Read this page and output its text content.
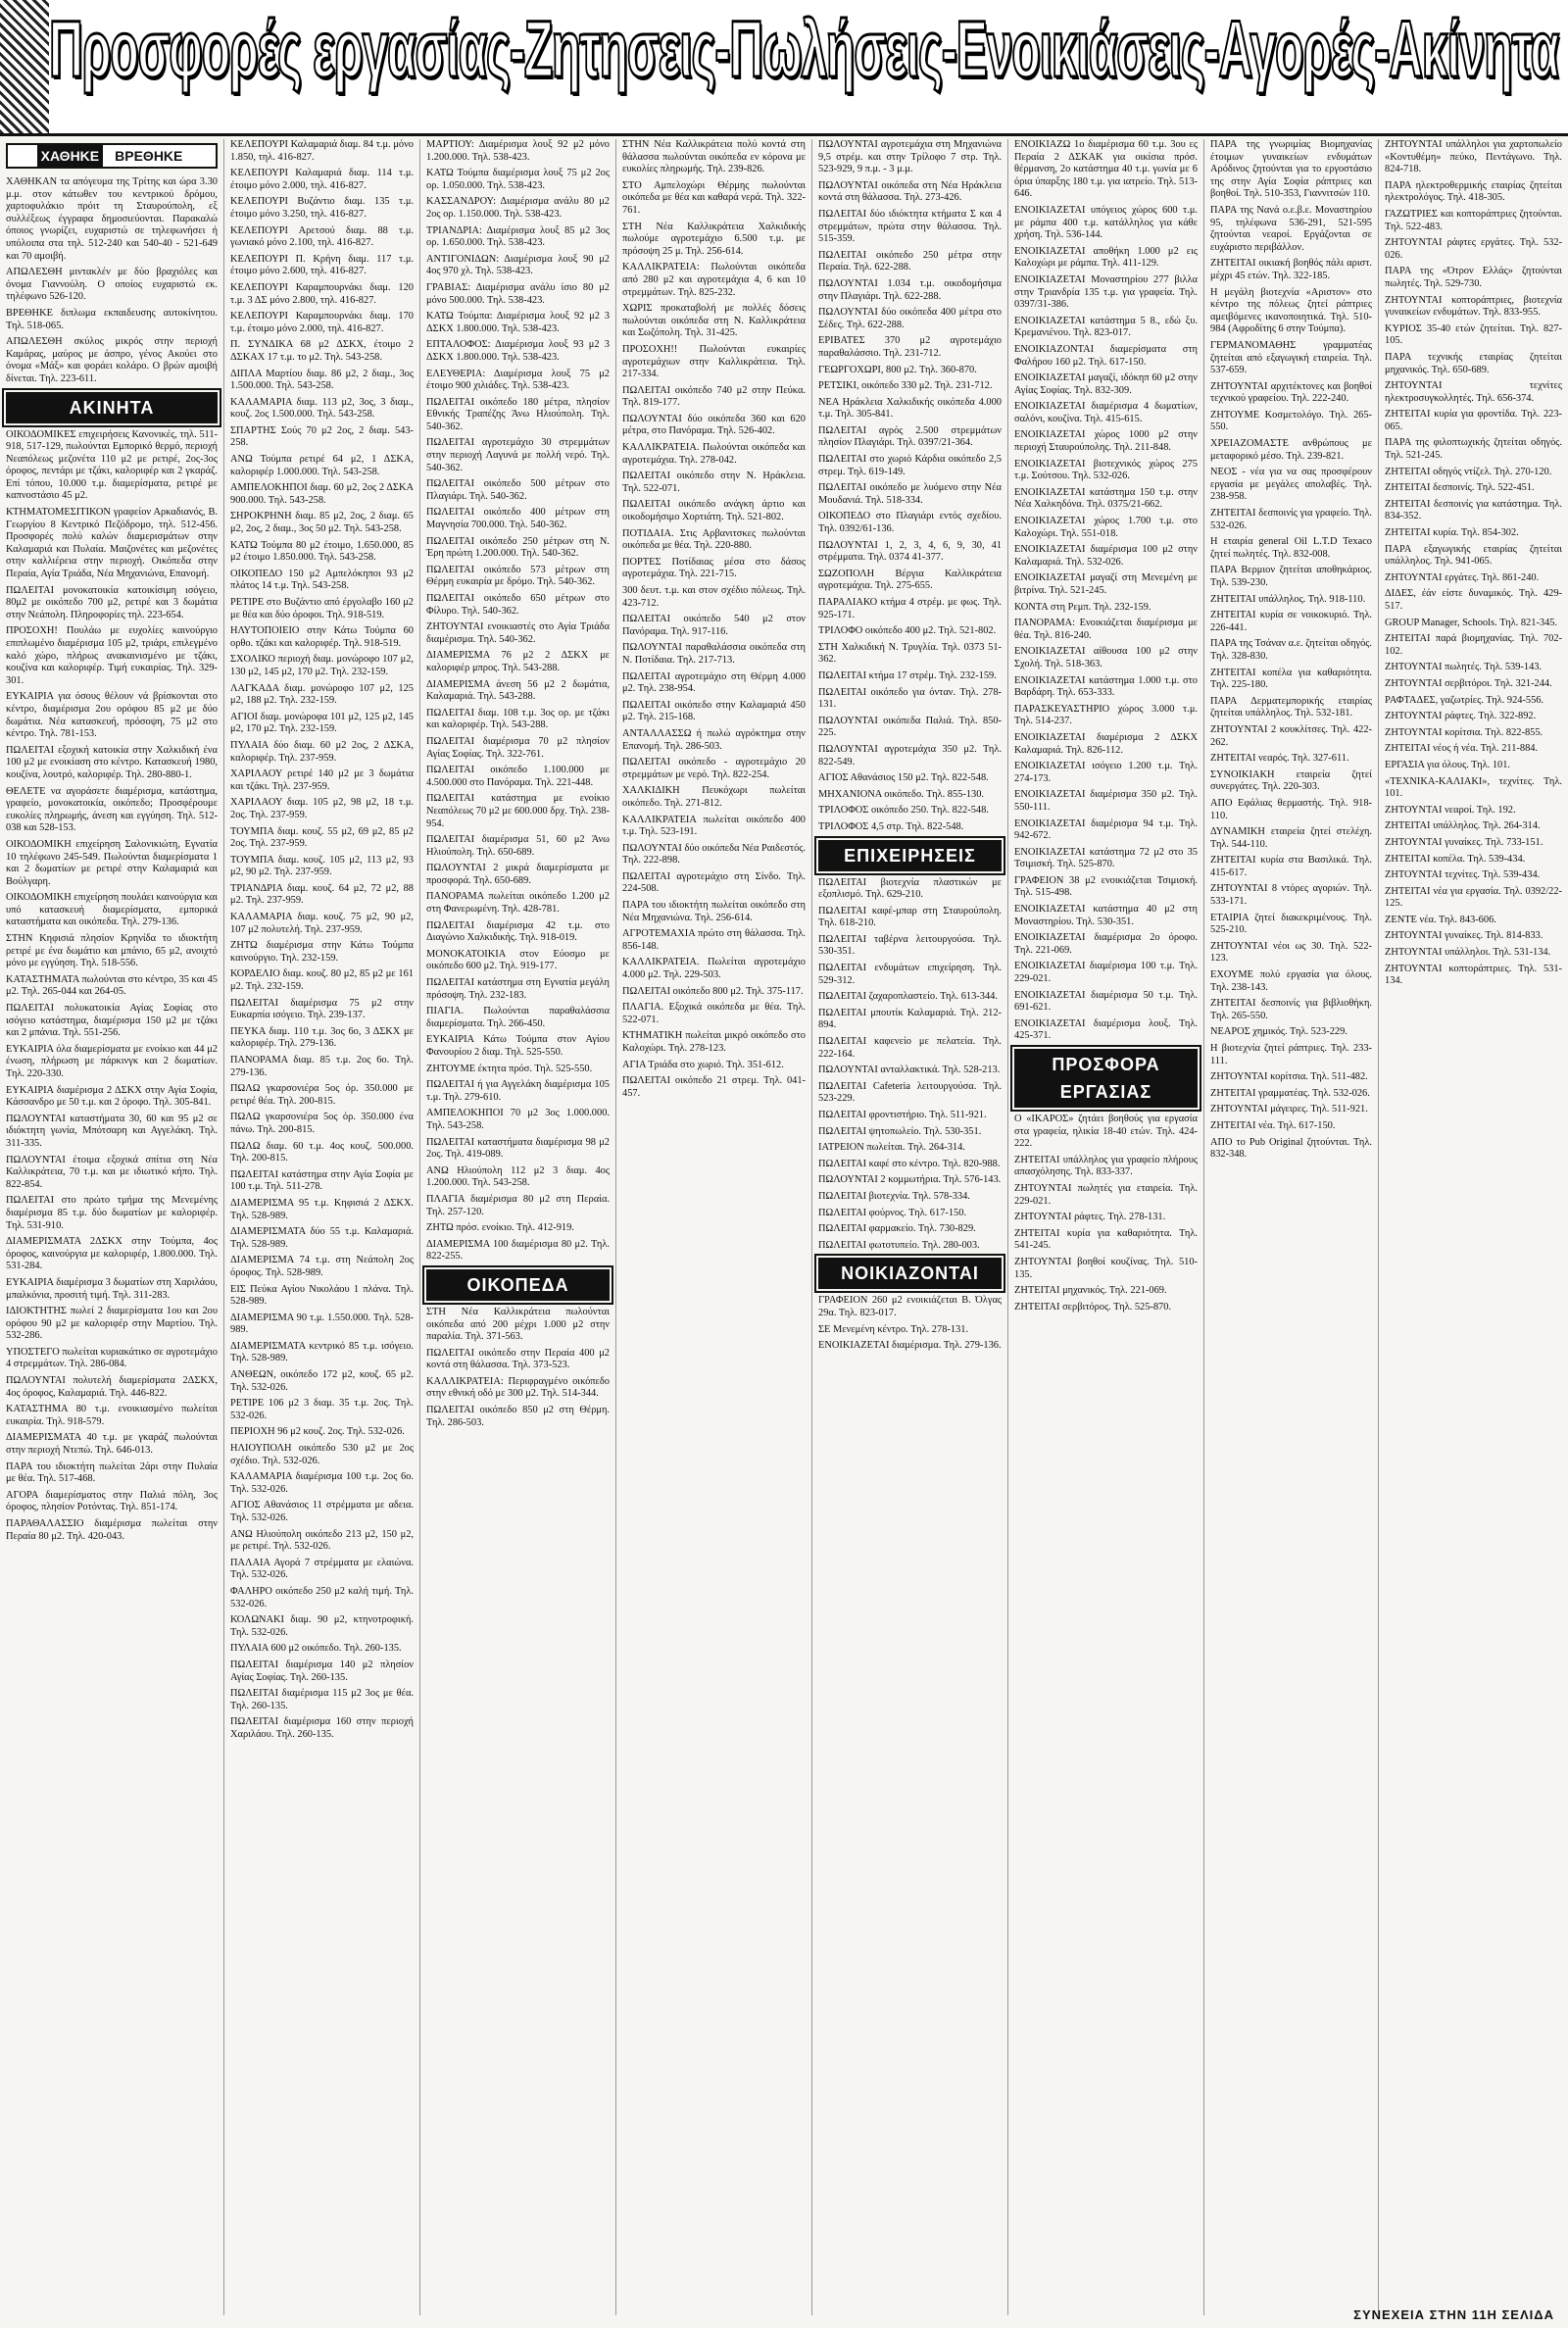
Προσφορές εργασίας-Ζητησεις-Πωλήσεις-Ενοικιάσεις-Αγορές-Ακίνητα
ΧΑΘΗΚΕ ΒΡΕΘΗΚΕ
ΧΑΘΗΚΑΝ τα απόγευμα της Τρίτης και ώρα 3.30 μ.μ. στον κάτωθεν του κεντρικού δρόμου, χαρτοφυλάκιο πρόιτ τη Σταυρούπολη, εξ συλλέξεως έγγραφα δημοσιεύονται. Παρακαλώ όποιος γνωρίζει, ευχαριστώ σε τηλεφωνήσει ή υπόλοιπα στα τηλ. 512-240 και 540-40 - 521-649 και 70 αμοιβή.
ΑΠΩΛΕΣΘΗ μιντακλέν με δύο βραχιόλες και όνομα Γιαννούλη. Ο οποίος ευχαριστώ εκ. τηλέφωνο 526-120.
ΒΡΕΘΗΚΕ διπλωμα εκπαιδευσης αυτοκίνητου. Τηλ. 518-065.
ΑΠΩΛΕΣΘΗ σκύλος μικρός στην περιοχή Καμάρας, μαύρος με άσπρο, γένος Ακούει στο όνομα «Μάξ» και φοράει κολάρο. Ο βρών αμοιβή δίνεται. Τηλ. 223-611.
ΑΚΙΝΗΤΑ
ΟΙΚΟΔΟΜΙΚΕΣ επιχειρήσεις Κανονικές, τηλ. 511-918, 517-129, πωλούνται Εμπορικό θερμό, περιοχή Νεαπόλεως μεζονέτα 110 μ2 με ρετιρέ, 2ος-3ος όροφος, πεντάρι με τζάκι, καλοριφέρ και 2 γκαράζ. Επί τόπου, 10.000 τ.μ. διαμερίσματα, ρετιρέ με καπνοστάσιο 45 μ2.
ΚΤΗΜΑΤΟΜΕΣΙΤΙΚΟΝ γραφείον Αρκαδιανός, Β. Γεωργίου 8 Κεντρικό Πεζόδρομο, τηλ. 512-456. Προσφορές πολύ καλών διαμερισμάτων στην Καλαμαριά και Πυλαία. Μαιζονέτες και μεζονέτες στην καλλιέρεια στην περιοχή. Οικόπεδα στην Περαία, Αγία Τριάδα, Νέα Μηχανιώνα, Επανομή.
ΠΩΛΕΙΤΑΙ μονοκατοικία κατοικίσιμη ισόγειο, 80μ2 με οικόπεδο 700 μ2, ρετιρέ και 3 δωμάτια στην Νεάπολη. Πληροφορίες τηλ. 223-654.
ΠΡΟΣΟΧΗ! Πουλάω με ευχολίες καινούργιο επιπλωμένο διαμέρισμα 105 μ2, τριάρι, επιλεγμένο καλό χώρο, πλήρως ανακαινισμένο με τζάκι, κουζίνα και καλοριφέρ. Τιμή ευκαιρίας. Τηλ. 329-301.
ΕΥΚΑΙΡΙΑ για όσους θέλουν νά βρίσκονται στο κέντρο, διαμέρισμα 2ου ορόφου 85 μ2 με δύο δωμάτια. Νέα κατασκευή, πρόσοψη, 75 μ2 στο κέντρο. Τηλ. 781-153.
ΠΩΛΕΙΤΑΙ εξοχική κατοικία στην Χαλκιδική ένα 100 μ2 με ενοικίαση στο κέντρο. Κατασκευή 1980, κουζίνα, λουτρό, καλοριφέρ. Τηλ. 280-880-1.
ΘΕΛΕΤΕ να αγοράσετε διαμέρισμα, κατάστημα, γραφείο, μονοκατοικία, οικόπεδο; Προσφέρουμε ευκολίες πληρωμής, άνεση και εγγύηση. Τηλ. 512-038 και 528-153.
ΟΙΚΟΔΟΜΙΚΗ επιχείρηση Σαλονικιώτη, Εγνατία 10 τηλέφωνο 245-549. Πωλούνται διαμερίσματα 1 και 2 δωματίων με ρετιρέ στην Καλαμαριά και Βούλγαρη.
ΟΙΚΟΔΟΜΙΚΗ επιχείρηση πουλάει καινούργια και υπό κατασκευή διαμερίσματα, εμπορικά καταστήματα και οικόπεδα. Τηλ. 279-136.
ΣΤΗΝ Κηφισιά πλησίον Κρηνίδα το ιδιοκτήτη ρετιρέ με ένα δωμάτιο και μπάνιο, 65 μ2, ανοιχτό μόνο με εγγύηση. Τηλ. 518-556.
ΚΑΤΑΣΤΗΜΑΤΑ πωλούνται στο κέντρο, 35 και 45 μ2. Τηλ. 265-044 και 264-05.
ΠΩΛΕΙΤΑΙ πολυκατοικία Αγίας Σοφίας στο ισόγειο κατάστημα, διαμέρισμα 150 μ2 με τζάκι και 2 μπάνια. Τηλ. 551-256.
ΕΥΚΑΙΡΙΑ όλα διαμερίσματα με ενοίκιο και 44 μ2 ένωση, πλήρωση με πάρκινγκ και 2 δωματίων. Τηλ. 220-330.
ΕΥΚΑΙΡΙΑ διαμέρισμα 2 ΔΣΚΧ στην Αγία Σοφία, Κάσσανδρο με 50 τ.μ. και 2 όροφο. Τηλ. 305-841.
ΠΩΛΟΥΝΤΑΙ καταστήματα 30, 60 και 95 μ2 σε ιδιόκτητη γωνία, Μπότσαρη και Αγγελάκη. Τηλ. 311-335.
ΠΩΛΟΥΝΤΑΙ έτοιμα εξοχικά σπίτια στη Νέα Καλλικράτεια, 70 τ.μ. και με ιδιωτικό κήπο. Τηλ. 822-854.
ΠΩΛΕΙΤΑΙ στο πρώτο τμήμα της Μενεμένης διαμέρισμα 85 τ.μ. δύο δωματίων με καλοριφέρ. Τηλ. 531-910.
ΔΙΑΜΕΡΙΣΜΑΤΑ 2ΔΣΚΧ στην Τούμπα, 4ος όροφος, καινούργια με καλοριφέρ, 1.800.000. Τηλ. 531-284.
ΕΥΚΑΙΡΙΑ διαμέρισμα 3 δωματίων στη Χαριλάου, μπαλκόνια, προσιτή τιμή. Τηλ. 311-283.
ΙΔΙΟΚΤΗΤΗΣ πωλεί 2 διαμερίσματα 1ου και 2ου ορόφου 90 μ2 με καλοριφέρ στην Μαρτίου. Τηλ. 532-286.
ΥΠΟΣΤΕΓΟ πωλείται κυριακάτικο σε αγροτεμάχιο 4 στρεμμάτων. Τηλ. 286-084.
ΠΩΛΟΥΝΤΑΙ πολυτελή διαμερίσματα 2ΔΣΚΧ, 4ος όροφος, Καλαμαριά. Τηλ. 446-822.
ΚΑΤΑΣΤΗΜΑ 80 τ.μ. ενοικιασμένο πωλείται ευκαιρία. Τηλ. 918-579.
ΔΙΑΜΕΡΙΣΜΑΤΑ 40 τ.μ. με γκαράζ πωλούνται στην περιοχή Ντεπώ. Τηλ. 646-013.
ΠΑΡΑ του ιδιοκτήτη πωλείται 2άρι στην Πυλαία με θέα. Τηλ. 517-468.
ΑΓΟΡΑ διαμερίσματος στην Παλιά πόλη, 3ος όροφος, πλησίον Ροτόντας. Τηλ. 851-174.
ΠΑΡΑΘΑΛΑΣΣΙΟ διαμέρισμα πωλείται στην Περαία 80 μ2. Τηλ. 420-043.
ΚΕΛΕΠΟΥΡΙ Καλαμαριά διαμ. 84 τ.μ. μόνο 1.850, τηλ. 416-827.
ΚΕΛΕΠΟΥΡΙ Καλαμαριά διαμ. 114 τ.μ. έτοιμο μόνο 2.000, τηλ. 416-827.
ΚΕΛΕΠΟΥΡΙ Βυζάντιο διαμ. 135 τ.μ. έτοιμο μόνο 3.250, τηλ. 416-827.
ΚΕΛΕΠΟΥΡΙ Αρετσού διαμ. 88 τ.μ. γωνιακό μόνο 2.100, τηλ. 416-827.
ΚΕΛΕΠΟΥΡΙ Π. Κρήνη διαμ. 117 τ.μ. έτοιμο μόνο 2.600, τηλ. 416-827.
ΚΕΛΕΠΟΥΡΙ Καραμπουρνάκι διαμ. 120 τ.μ. 3 ΔΣ μόνο 2.800, τηλ. 416-827.
ΚΕΛΕΠΟΥΡΙ Καραμπουρνάκι διαμ. 170 τ.μ. έτοιμο μόνο 2.000, τηλ. 416-827.
Π. ΣΥΝΔΙΚΑ 68 μ2 ΔΣΚΧ, έτοιμο 2 ΔΣΚΑΧ 17 τ.μ. το μ2. Τηλ. 543-258.
ΔΙΠΛΑ Μαρτίου διαμ. 86 μ2, 2 διαμ., 3ος 1.500.000. Τηλ. 543-258.
ΚΑΛΑΜΑΡΙΑ διαμ. 113 μ2, 3ος, 3 διαμ., κουζ. 2ος 1.500.000. Τηλ. 543-258.
ΣΠΑΡΤΗΣ Σούς 70 μ2 2ος, 2 διαμ. 543-258.
ΑΝΩ Τούμπα ρετιρέ 64 μ2, 1 ΔΣΚΑ, καλοριφέρ 1.000.000. Τηλ. 543-258.
ΑΜΠΕΛΟΚΗΠΟΙ διαμ. 60 μ2, 2ος 2 ΔΣΚΑ 900.000. Τηλ. 543-258.
ΣΗΡΟΚΡΗΝΗ διαμ. 85 μ2, 2ος, 2 διαμ. 65 μ2, 2ος, 2 διαμ., 3ος 50 μ2. Τηλ. 543-258.
ΚΑΤΩ Τούμπα 80 μ2 έτοιμο, 1.650.000, 85 μ2 έτοιμο 1.850.000. Τηλ. 543-258.
ΟΙΚΟΠΕΔΟ 150 μ2 Αμπελόκηποι 93 μ2 πλάτος 14 τ.μ. Τηλ. 543-258.
ΡΕΤΙΡΕ στο Βυζάντιο από έργολαβο 160 μ2 με θέα και δύο όροφοι. Τηλ. 918-519.
ΗΛΥΤΟΠΟΙΕΙΟ στην Κάτω Τούμπα 60 ορθο. τζάκι και καλοριφέρ. Τηλ. 918-519.
ΣΧΟΛΙΚΟ περιοχή διαμ. μονώροφο 107 μ2, 130 μ2, 145 μ2, 170 μ2. Τηλ. 232-159.
ΛΑΓΚΑΔΑ διαμ. μονώροφο 107 μ2, 125 μ2, 188 μ2. Τηλ. 232-159.
ΑΓΙΟΙ διαμ. μονώροφα 101 μ2, 125 μ2, 145 μ2, 170 μ2. Τηλ. 232-159.
ΠΥΛΑΙΑ δύο διαμ. 60 μ2 2ος, 2 ΔΣΚΑ, καλοριφέρ. Τηλ. 237-959.
ΧΑΡΙΛΑΟΥ ρετιρέ 140 μ2 με 3 δωμάτια και τζάκι. Τηλ. 237-959.
ΧΑΡΙΛΑΟΥ διαμ. 105 μ2, 98 μ2, 18 τ.μ. 2ος. Τηλ. 237-959.
ΤΟΥΜΠΑ διαμ. κουζ. 55 μ2, 69 μ2, 85 μ2 2ος. Τηλ. 237-959.
ΤΟΥΜΠΑ διαμ. κουζ. 105 μ2, 113 μ2, 93 μ2, 90 μ2. Τηλ. 237-959.
ΤΡΙΑΝΔΡΙΑ διαμ. κουζ. 64 μ2, 72 μ2, 88 μ2. Τηλ. 237-959.
ΚΑΛΑΜΑΡΙΑ διαμ. κουζ. 75 μ2, 90 μ2, 107 μ2 πολυτελή. Τηλ. 237-959.
ΖΗΤΩ διαμέρισμα στην Κάτω Τούμπα καινούργιο. Τηλ. 232-159.
ΚΟΡΔΕΛΙΟ διαμ. κουζ. 80 μ2, 85 μ2 με 161 μ2. Τηλ. 232-159.
ΠΩΛΕΙΤΑΙ διαμέρισμα 75 μ2 στην Ευκαρπία ισόγειο. Τηλ. 239-137.
ΠΕΥΚΑ διαμ. 110 τ.μ. 3ος 6ο, 3 ΔΣΚΧ με καλοριφέρ. Τηλ. 279-136.
ΠΑΝΟΡΑΜΑ διαμ. 85 τ.μ. 2ος 6ο. Τηλ. 279-136.
ΠΩΛΩ γκαρσονιέρα 5ος όρ. 350.000 με ρετιρέ θέα. Τηλ. 200-815.
ΠΩΛΩ γκαρσονιέρα 5ος όρ. 350.000 ένα πάνω. Τηλ. 200-815.
ΠΩΛΩ διαμ. 60 τ.μ. 4ος κουζ. 500.000. Τηλ. 200-815.
ΠΩΛΕΙΤΑΙ κατάστημα στην Αγία Σοφία με 100 τ.μ. Τηλ. 511-278.
ΔΙΑΜΕΡΙΣΜΑ 95 τ.μ. Κηφισιά 2 ΔΣΚΧ. Τηλ. 528-989.
ΔΙΑΜΕΡΙΣΜΑΤΑ δύο 55 τ.μ. Καλαμαριά. Τηλ. 528-989.
ΔΙΑΜΕΡΙΣΜΑ 74 τ.μ. στη Νεάπολη 2ος όροφος. Τηλ. 528-989.
ΕΙΣ Πεύκα Αγίου Νικολάου 1 πλάνα. Τηλ. 528-989.
ΔΙΑΜΕΡΙΣΜΑ 90 τ.μ. 1.550.000. Τηλ. 528-989.
ΔΙΑΜΕΡΙΣΜΑΤΑ κεντρικό 85 τ.μ. ισόγειο. Τηλ. 528-989.
ΑΝΘΕΩΝ, οικόπεδο 172 μ2, κουζ. 65 μ2. Τηλ. 532-026.
ΡΕΤΙΡΕ 106 μ2 3 διαμ. 35 τ.μ. 2ος. Τηλ. 532-026.
ΠΕΡΙΟΧΗ 96 μ2 κουζ. 2ος. Τηλ. 532-026.
ΗΛΙΟΥΠΟΛΗ οικόπεδο 530 μ2 με 2ος σχέδιο. Τηλ. 532-026.
ΚΑΛΑΜΑΡΙΑ διαμέρισμα 100 τ.μ. 2ος 6ο. Τηλ. 532-026.
ΑΓΙΟΣ Αθανάσιος 11 στρέμματα με αδεια. Τηλ. 532-026.
ΑΝΩ Ηλιούπολη οικόπεδο 213 μ2, 150 μ2, με ρετιρέ. Τηλ. 532-026.
ΠΑΛΑΙΑ Αγορά 7 στρέμματα με ελαιώνα. Τηλ. 532-026.
ΦΑΛΗΡΟ οικόπεδο 250 μ2 καλή τιμή. Τηλ. 532-026.
ΚΟΛΩΝΑΚΙ διαμ. 90 μ2, κτηνοτροφική. Τηλ. 532-026.
ΠΥΛΑΙΑ 600 μ2 οικόπεδο. Τηλ. 260-135.
ΠΩΛΕΙΤΑΙ διαμέρισμα 140 μ2 πλησίον Αγίας Σοφίας. Τηλ. 260-135.
ΠΩΛΕΙΤΑΙ διαμέρισμα 115 μ2 3ος με θέα. Τηλ. 260-135.
ΠΩΛΕΙΤΑΙ διαμέρισμα 160 στην περιοχή Χαριλάου. Τηλ. 260-135.
ΜΑΡΤΙΟΥ: Διαμέρισμα λουξ 92 μ2 μόνο 1.200.000. Τηλ. 538-423.
ΚΑΤΩ Τούμπα διαμέρισμα λουξ 75 μ2 2ος ορ. 1.050.000. Τηλ. 538-423.
ΚΑΣΣΑΝΔΡΟΥ: Διαμέρισμα ανάλυ 80 μ2 2ος ορ. 1.150.000. Τηλ. 538-423.
ΤΡΙΑΝΔΡΙΑ: Διαμέρισμα λουξ 85 μ2 3ος ορ. 1.650.000. Τηλ. 538-423.
ΑΝΤΙΓΟΝΙΔΩΝ: Διαμέρισμα λουξ 90 μ2 4ος 970 χλ. Τηλ. 538-423.
ΓΡΑΒΙΑΣ: Διαμέρισμα ανάλυ ίσιο 80 μ2 μόνο 500.000. Τηλ. 538-423.
ΚΑΤΩ Τούμπα: Διαμέρισμα λουξ 92 μ2 3 ΔΣΚΧ 1.800.000. Τηλ. 538-423.
ΕΠΤΑΛΟΦΟΣ: Διαμέρισμα λουξ 93 μ2 3 ΔΣΚΧ 1.800.000. Τηλ. 538-423.
ΕΛΕΥΘΕΡΙΑ: Διαμέρισμα λουξ 75 μ2 έτοιμο 900 χιλιάδες. Τηλ. 538-423.
ΠΩΛΕΙΤΑΙ οικόπεδο 180 μέτρα, πλησίον Εθνικής Τραπέζης Άνω Ηλιούπολη. Τηλ. 540-362.
ΠΩΛΕΙΤΑΙ αγροτεμάχιο 30 στρεμμάτων στην περιοχή Λαγυνά με πολλή νερό. Τηλ. 540-362.
ΠΩΛΕΙΤΑΙ οικόπεδο 500 μέτρων στο Πλαγιάρι. Τηλ. 540-362.
ΠΩΛΕΙΤΑΙ οικόπεδο 400 μέτρων στη Μαγνησία 700.000. Τηλ. 540-362.
ΠΩΛΕΙΤΑΙ οικόπεδο 250 μέτρων στη Ν. Έρη πρώτη 1.200.000. Τηλ. 540-362.
ΠΩΛΕΙΤΑΙ οικόπεδο 573 μέτρων στη Θέρμη ευκαιρία με δρόμο. Τηλ. 540-362.
ΠΩΛΕΙΤΑΙ οικόπεδο 650 μέτρων στο Φίλυρο. Τηλ. 540-362.
ΖΗΤΟΥΝΤΑΙ ενοικιαστές στο Αγία Τριάδα διαμέρισμα. Τηλ. 540-362.
ΔΙΑΜΕΡΙΣΜΑ 76 μ2 2 ΔΣΚΧ με καλοριφέρ μπρος. Τηλ. 543-288.
ΔΙΑΜΕΡΙΣΜΑ άνεση 56 μ2 2 δωμάτια, Καλαμαριά. Τηλ. 543-288.
ΠΩΛΕΙΤΑΙ διαμ. 108 τ.μ. 3ος ορ. με τζάκι και καλοριφέρ. Τηλ. 543-288.
ΠΩΛΕΙΤΑΙ διαμέρισμα 70 μ2 πλησίον Αγίας Σοφίας. Τηλ. 322-761.
ΠΩΛΕΙΤΑΙ οικόπεδο 1.100.000 με 4.500.000 στο Πανόραμα. Τηλ. 221-448.
ΠΩΛΕΙΤΑΙ κατάστημα με ενοίκιο Νεαπόλεως 70 μ2 με 600.000 δρχ. Τηλ. 238-954.
ΠΩΛΕΙΤΑΙ διαμέρισμα 51, 60 μ2 Άνω Ηλιούπολη. Τηλ. 650-689.
ΠΩΛΟΥΝΤΑΙ 2 μικρά διαμερίσματα με προσφορά. Τηλ. 650-689.
ΠΑΝΟΡΑΜΑ πωλείται οικόπεδο 1.200 μ2 στη Φανερωμένη. Τηλ. 428-781.
ΠΩΛΕΙΤΑΙ διαμέρισμα 42 τ.μ. στο Διαγώνιο Χαλκιδικής. Τηλ. 918-019.
ΜΟΝΟΚΑΤΟΙΚΙΑ στον Εύοσμο με οικόπεδο 600 μ2. Τηλ. 919-177.
ΠΩΛΕΙΤΑΙ κατάστημα στη Εγνατία μεγάλη πρόσοψη. Τηλ. 232-183.
ΠΙΑΓΙΑ. Πωλούνται παραθαλάσσια διαμερίσματα. Τηλ. 266-450.
ΕΥΚΑΙΡΙΑ Κάτω Τούμπα στον Αγίου Φανουρίου 2 διαμ. Τηλ. 525-550.
ΖΗΤΟΥΜΕ έκτητα πρόσ. Τηλ. 525-550.
ΠΩΛΕΙΤΑΙ ή για Αγγελάκη διαμέρισμα 105 τ.μ. Τηλ. 279-610.
ΑΜΠΕΛΟΚΗΠΟΙ 70 μ2 3ος 1.000.000. Τηλ. 543-258.
ΠΩΛΕΙΤΑΙ καταστήματα διαμέρισμα 98 μ2 2ος. Τηλ. 419-089.
ΑΝΩ Ηλιούπολη 112 μ2 3 διαμ. 4ος 1.200.000. Τηλ. 543-258.
ΠΛΑΓΙΑ διαμέρισμα 80 μ2 στη Περαία. Τηλ. 257-120.
ΖΗΤΩ πρόσ. ενοίκιο. Τηλ. 412-919.
ΔΙΑΜΕΡΙΣΜΑ 100 διαμέρισμα 80 μ2. Τηλ. 822-255.
ΟΙΚΟΠΕΔΑ
ΣΤΗ Νέα Καλλικράτεια πωλούνται οικόπεδα από 200 μέχρι 1.000 μ2 στην παραλία. Τηλ. 371-563.
ΠΩΛΕΙΤΑΙ οικόπεδο στην Περαία 400 μ2 κοντά στη θάλασσα. Τηλ. 373-523.
ΚΑΛΛΙΚΡΑΤΕΙΑ: Περιφραγμένο οικόπεδο στην εθνική οδό με 300 μ2. Τηλ. 514-344.
ΠΩΛΕΙΤΑΙ οικόπεδο 850 μ2 στη Θέρμη. Τηλ. 286-503.
ΣΤΗΝ Νέα Καλλικράτεια πολύ κοντά στη θάλασσα πωλούνται οικόπεδα εν κόρονα με ευκολίες πληρωμής. Τηλ. 239-826.
ΣΤΟ Αμπελοχώρι Θέρμης πωλούνται οικόπεδα με θέα και καθαρά νερά. Τηλ. 322-761.
ΣΤΗ Νέα Καλλικράτεια Χαλκιδικής πωλούμε αγροτεμάχιο 6.500 τ.μ. με πρόσοψη 25 μ. Τηλ. 256-614.
ΚΑΛΛΙΚΡΑΤΕΙΑ: Πωλούνται οικόπεδα από 280 μ2 και αγροτεμάχια 4, 6 και 10 στρεμμάτων. Τηλ. 825-232.
ΧΩΡΙΣ προκαταβολή με πολλές δόσεις πωλούνται οικόπεδα στη Ν. Καλλικράτεια και Σωζόπολη. Τηλ. 31-425.
ΠΡΟΣΟΧΗ!! Πωλούνται ευκαιρίες αγροτεμάχιων στην Καλλικράτεια. Τηλ. 217-334.
ΠΩΛΕΙΤΑΙ οικόπεδο 740 μ2 στην Πεύκα. Τηλ. 819-177.
ΠΩΛΟΥΝΤΑΙ δύο οικόπεδα 360 και 620 μέτρα, στο Πανόραμα. Τηλ. 526-402.
ΚΑΛΛΙΚΡΑΤΕΙΑ. Πωλούνται οικόπεδα και αγροτεμάχια. Τηλ. 278-042.
ΠΩΛΕΙΤΑΙ οικόπεδο στην Ν. Ηράκλεια. Τηλ. 522-071.
ΠΩΛΕΙΤΑΙ οικόπεδο ανάγκη άρτιο και οικοδομήσιμο Χορτιάτη. Τηλ. 521-802.
ΠΟΤΙΔΑΙΑ. Στις Αρβανιτσκες πωλούνται οικόπεδα με θέα. Τηλ. 220-880.
ΠΟΡΤΕΣ Ποτίδαιας μέσα στο δάσος αγροτεμάχια. Τηλ. 221-715.
300 δευτ. τ.μ. και στον σχέδιο πόλεως. Τηλ. 423-712.
ΠΩΛΕΙΤΑΙ οικόπεδο 540 μ2 στον Πανόραμα. Τηλ. 917-116.
ΠΩΛΟΥΝΤΑΙ παραθαλάσσια οικόπεδα στη Ν. Ποτίδαια. Τηλ. 217-713.
ΠΩΛΕΙΤΑΙ αγροτεμάχιο στη Θέρμη 4.000 μ2. Τηλ. 238-954.
ΠΩΛΕΙΤΑΙ οικόπεδο στην Καλαμαριά 450 μ2. Τηλ. 215-168.
ΑΝΤΑΛΛΑΣΣΩ ή πωλώ αγρόκτημα στην Επανομή. Τηλ. 286-503.
ΠΩΛΕΙΤΑΙ οικόπεδο - αγροτεμάχιο 20 στρεμμάτων με νερό. Τηλ. 822-254.
ΧΑΛΚΙΔΙΚΗ Πευκόχωρι πωλείται οικόπεδο. Τηλ. 271-812.
ΚΑΛΛΙΚΡΑΤΕΙΑ πωλείται οικόπεδο 400 τ.μ. Τηλ. 523-191.
ΠΩΛΟΥΝΤΑΙ δύο οικόπεδα Νέα Ραιδεστός. Τηλ. 222-898.
ΠΩΛΕΙΤΑΙ αγροτεμάχιο στη Σίνδο. Τηλ. 224-508.
ΠΑΡΑ του ιδιοκτήτη πωλείται οικόπεδο στη Νέα Μηχανιώνα. Τηλ. 256-614.
ΑΓΡΟΤΕΜΑΧΙΑ πρώτο στη θάλασσα. Τηλ. 856-148.
ΚΑΛΛΙΚΡΑΤΕΙΑ. Πωλείται αγροτεμάχιο 4.000 μ2. Τηλ. 229-503.
ΠΩΛΕΙΤΑΙ οικόπεδο 800 μ2. Τηλ. 375-117.
ΠΛΑΓΙΑ. Εξοχικά οικόπεδα με θέα. Τηλ. 522-071.
ΚΤΗΜΑΤΙΚΗ πωλείται μικρό οικόπεδο στο Καλοχώρι. Τηλ. 278-123.
ΑΓΙΑ Τριάδα στο χωριό. Τηλ. 351-612.
ΠΩΛΕΙΤΑΙ οικόπεδο 21 στρεμ. Τηλ. 041-457.
ΠΩΛΟΥΝΤΑΙ αγροτεμάχια στη Μηχανιώνα 9,5 στρέμ. και στην Τρίλοφο 7 στρ. Τηλ. 523-929, 9 π.μ. - 3 μ.μ.
ΠΩΛΟΥΝΤΑΙ οικόπεδα στη Νέα Ηράκλεια κοντά στη θάλασσα. Τηλ. 273-426.
ΠΩΛΕΙΤΑΙ δύο ιδιόκτητα κτήματα Σ και 4 στρεμμάτων, πρώτα στην θάλασσα. Τηλ. 515-359.
ΠΩΛΕΙΤΑΙ οικόπεδο 250 μέτρα στην Περαία. Τηλ. 622-288.
ΠΩΛΟΥΝΤΑΙ 1.034 τ.μ. οικοδομήσιμα στην Πλαγιάρι. Τηλ. 622-288.
ΠΩΛΟΥΝΤΑΙ δύο οικόπεδα 400 μέτρα στο Σέδες. Τηλ. 622-288.
ΕΡΙΒΑΤΕΣ 370 μ2 αγροτεμάχιο παραθαλάσσιο. Τηλ. 231-712.
ΓΕΩΡΓΟΧΩΡΙ, 800 μ2. Τηλ. 360-870.
ΡΕΤΣΙΚΙ, οικόπεδο 330 μ2. Τηλ. 231-712.
ΝΕΑ Ηράκλεια Χαλκιδικής οικόπεδα 4.000 τ.μ. Τηλ. 305-841.
ΠΩΛΕΙΤΑΙ αγρός 2.500 στρεμμάτων πλησίον Πλαγιάρι. Τηλ. 0397/21-364.
ΠΩΛΕΙΤΑΙ στο χωριό Κάρδια οικόπεδο 2,5 στρεμ. Τηλ. 619-149.
ΠΩΛΕΙΤΑΙ οικόπεδο με λυόμενο στην Νέα Μουδανιά. Τηλ. 518-334.
ΟΙΚΟΠΕΔΟ στο Πλαγιάρι εντός σχεδίου. Τηλ. 0392/61-136.
ΠΩΛΟΥΝΤΑΙ 1, 2, 3, 4, 6, 9, 30, 41 στρέμματα. Τηλ. 0374 41-377.
ΣΩΖΟΠΟΛΗ Βέργια Καλλικράτεια αγροτεμάχια. Τηλ. 275-655.
ΠΑΡΑΛΙΑΚΟ κτήμα 4 στρέμ. με φως. Τηλ. 925-171.
ΤΡΙΛΟΦΟ οικόπεδο 400 μ2. Τηλ. 521-802.
ΣΤΗ Χαλκιδική Ν. Τρυγλία. Τηλ. 0373 51-362.
ΠΩΛΕΙΤΑΙ κτήμα 17 στρέμ. Τηλ. 232-159.
ΠΩΛΕΙΤΑΙ οικόπεδο για όνταν. Τηλ. 278-131.
ΠΩΛΟΥΝΤΑΙ οικόπεδα Παλιά. Τηλ. 850-225.
ΠΩΛΟΥΝΤΑΙ αγροτεμάχια 350 μ2. Τηλ. 822-549.
ΑΓΙΟΣ Αθανάσιος 150 μ2. Τηλ. 822-548.
ΜΗΧΑΝΙΟΝΑ οικόπεδο. Τηλ. 855-130.
ΤΡΙΛΟΦΟΣ οικόπεδο 250. Τηλ. 822-548.
ΤΡΙΛΟΦΟΣ 4,5 στρ. Τηλ. 822-548.
ΕΠΙΧΕΙΡΗΣΕΙΣ
ΠΩΛΕΙΤΑΙ βιοτεχνία πλαστικών με εξοπλισμό. Τηλ. 629-210.
ΠΩΛΕΙΤΑΙ καφέ-μπαρ στη Σταυρούπολη. Τηλ. 618-210.
ΠΩΛΕΙΤΑΙ ταβέρνα λειτουργούσα. Τηλ. 530-351.
ΠΩΛΕΙΤΑΙ ενδυμάτων επιχείρηση. Τηλ. 529-312.
ΠΩΛΕΙΤΑΙ ζαχαροπλαστείο. Τηλ. 613-344.
ΠΩΛΕΙΤΑΙ μπουτίκ Καλαμαριά. Τηλ. 212-894.
ΠΩΛΕΙΤΑΙ καφενείο με πελατεία. Τηλ. 222-164.
ΠΩΛΟΥΝΤΑΙ ανταλλακτικά. Τηλ. 528-213.
ΠΩΛΕΙΤΑΙ Cafeteria λειτουργούσα. Τηλ. 523-229.
ΠΩΛΕΙΤΑΙ φροντιστήριο. Τηλ. 511-921.
ΠΩΛΕΙΤΑΙ ψητοπωλείο. Τηλ. 530-351.
ΙΑΤΡΕΙΟΝ πωλείται. Τηλ. 264-314.
ΠΩΛΕΙΤΑΙ καφέ στο κέντρο. Τηλ. 820-988.
ΠΩΛΟΥΝΤΑΙ 2 κομμωτήρια. Τηλ. 576-143.
ΠΩΛΕΙΤΑΙ βιοτεχνία. Τηλ. 578-334.
ΠΩΛΕΙΤΑΙ φούρνος. Τηλ. 617-150.
ΠΩΛΕΙΤΑΙ φαρμακείο. Τηλ. 730-829.
ΠΩΛΕΙΤΑΙ φωτοτυπείο. Τηλ. 280-003.
ΝΟΙΚΙΑΖΟΝΤΑΙ
ΓΡΑΦΕΙΟΝ 260 μ2 ενοικιάζεται Β. Όλγας 29α. Τηλ. 823-017.
ΣΕ Μενεμένη κέντρο. Τηλ. 278-131.
ΕΝΟΙΚΙΑΖΕΤΑΙ διαμέρισμα. Τηλ. 279-136.
ΕΝΟΙΚΙΑΖΩ 1ο διαμέρισμα 60 τ.μ. 3ου ες Περαία 2 ΔΣΚΑΚ για οικίσια πρόσ. θέρμανση, 2ο κατάστημα 40 τ.μ. γωνία με 6 όρια ύπαρξης 180 τ.μ. για ιατρείο. Τηλ. 513-646.
ΕΝΟΙΚΙΑΖΕΤΑΙ υπόγειος χώρος 600 τ.μ. με ράμπα 400 τ.μ. κατάλληλος για κάθε χρήση. Τηλ. 536-144.
ΕΝΟΙΚΙΑΖΕΤΑΙ αποθήκη 1.000 μ2 εις Καλοχώρι με ράμπα. Τηλ. 411-129.
ΕΝΟΙΚΙΑΖΕΤΑΙ Μοναστηρίου 277 βιλλα στην Τριανδρία 135 τ.μ. για γραφεία. Τηλ. 0397/31-386.
ΕΝΟΙΚΙΑΖΕΤΑΙ κατάστημα 5 8., εδώ ξυ. Κρεμανιένου. Τηλ. 823-017.
ΕΝΟΙΚΙΑΖΟΝΤΑΙ διαμερίσματα στη Φαλήρου 160 μ2. Τηλ. 617-150.
ΕΝΟΙΚΙΑΖΕΤΑΙ μαγαζί, ιδόκηπ 60 μ2 στην Αγίας Σοφίας. Τηλ. 832-309.
ΕΝΟΙΚΙΑΖΕΤΑΙ διαμέρισμα 4 δωματίων, σαλόνι, κουζίνα. Τηλ. 415-615.
ΕΝΟΙΚΙΑΖΕΤΑΙ χώρος 1000 μ2 στην περιοχή Σταυρούπολης. Τηλ. 211-848.
ΕΝΟΙΚΙΑΖΕΤΑΙ βιοτεχνικός χώρος 275 τ.μ. Σούτσου. Τηλ. 532-026.
ΕΝΟΙΚΙΑΖΕΤΑΙ κατάστημα 150 τ.μ. στην Νέα Χαλκηδόνα. Τηλ. 0375/21-662.
ΕΝΟΙΚΙΑΖΕΤΑΙ χώρος 1.700 τ.μ. στο Καλοχώρι. Τηλ. 551-018.
ΕΝΟΙΚΙΑΖΕΤΑΙ διαμέρισμα 100 μ2 στην Καλαμαριά. Τηλ. 532-026.
ΕΝΟΙΚΙΑΖΕΤΑΙ μαγαζί στη Μενεμένη με βιτρίνα. Τηλ. 521-245.
ΚΟΝΤΑ στη Ρεμπ. Τηλ. 232-159.
ΠΑΝΟΡΑΜΑ: Ενοικιάζεται διαμέρισμα με θέα. Τηλ. 816-240.
ΕΝΟΙΚΙΑΖΕΤΑΙ αίθουσα 100 μ2 στην Σχολή. Τηλ. 518-363.
ΕΝΟΙΚΙΑΖΕΤΑΙ κατάστημα 1.000 τ.μ. στο Βαρδάρη. Τηλ. 653-333.
ΠΑΡΑΣΚΕΥΑΣΤΗΡΙΟ χώρος 3.000 τ.μ. Τηλ. 514-237.
ΕΝΟΙΚΙΑΖΕΤΑΙ διαμέρισμα 2 ΔΣΚΧ Καλαμαριά. Τηλ. 826-112.
ΕΝΟΙΚΙΑΖΕΤΑΙ ισόγειο 1.200 τ.μ. Τηλ. 274-173.
ΕΝΟΙΚΙΑΖΕΤΑΙ διαμέρισμα 350 μ2. Τηλ. 550-111.
ΕΝΟΙΚΙΑΖΕΤΑΙ διαμέρισμα 94 τ.μ. Τηλ. 942-672.
ΕΝΟΙΚΙΑΖΕΤΑΙ κατάστημα 72 μ2 στο 35 Τσιμισκή. Τηλ. 525-870.
ΓΡΑΦΕΙΟΝ 38 μ2 ενοικιάζεται Τσιμισκή. Τηλ. 515-498.
ΕΝΟΙΚΙΑΖΕΤΑΙ κατάστημα 40 μ2 στη Μοναστηρίου. Τηλ. 530-351.
ΕΝΟΙΚΙΑΖΕΤΑΙ διαμέρισμα 2ο όροφο. Τηλ. 221-069.
ΕΝΟΙΚΙΑΖΕΤΑΙ διαμέρισμα 100 τ.μ. Τηλ. 229-021.
ΕΝΟΙΚΙΑΖΕΤΑΙ διαμέρισμα 50 τ.μ. Τηλ. 691-621.
ΕΝΟΙΚΙΑΖΕΤΑΙ διαμέρισμα λουξ. Τηλ. 425-371.
ΠΡΟΣΦΟΡΑ ΕΡΓΑΣΙΑΣ
Ο «ΙΚΑΡΟΣ» ζητάει βοηθούς για εργασία στα γραφεία, ηλικία 18-40 ετών. Τηλ. 424-222.
ΖΗΤΕΙΤΑΙ υπάλληλος για γραφείο πλήρους απασχόλησης. Τηλ. 833-337.
ΖΗΤΟΥΝΤΑΙ πωλητές για εταιρεία. Τηλ. 229-021.
ΖΗΤΟΥΝΤΑΙ ράφτες. Τηλ. 278-131.
ΖΗΤΕΙΤΑΙ κυρία για καθαριότητα. Τηλ. 541-245.
ΖΗΤΟΥΝΤΑΙ βοηθοί κουζίνας. Τηλ. 510-135.
ΖΗΤΕΙΤΑΙ μηχανικός. Τηλ. 221-069.
ΖΗΤΕΙΤΑΙ σερβιτόρος. Τηλ. 525-870.
ΠΑΡΑ της γνωριμίας Βιομηχανίας έτοιμων γυναικείων ενδυμάτων Αρόδινος ζητούνται για το εργοστάσιο της στην Αγία Σοφία ράπτριες και βοηθοί. Τηλ. 510-353, Γιαννιτσών 110.
ΠΑΡΑ της Νανά ο.ε.β.ε. Μοναστηρίου 95, τηλέφωνα 536-291, 521-595 ζητούνται νεαροί. Εργάζονται σε ευχάριστο περιβάλλον.
ΖΗΤΕΙΤΑΙ οικιακή βοηθός πάλι αριστ. μέχρι 45 ετών. Τηλ. 322-185.
Η μεγάλη βιοτεχνία «Αριστον» στο κέντρο της πόλεως ζητεί ράπτριες αμειβόμενες ικανοποιητικά. Τηλ. 510-984 (Αφροδίτης 6 στην Τούμπα).
ΓΕΡΜΑΝΟΜΑΘΗΣ γραμματέας ζητείται από εξαγωγική εταιρεία. Τηλ. 537-659.
ΖΗΤΟΥΝΤΑΙ αρχιτέκτονες και βοηθοί τεχνικού γραφείου. Τηλ. 222-240.
ΖΗΤΟΥΜΕ Κοσμετολόγο. Τηλ. 265-550.
ΧΡΕΙΑΖΟΜΑΣΤΕ ανθρώπους με μεταφορικό μέσο. Τηλ. 239-821.
ΝΕΟΣ - νέα για να σας προσφέρουν εργασία με μεγάλες απολαβές. Τηλ. 238-958.
ΖΗΤΕΙΤΑΙ δεσποινίς για γραφείο. Τηλ. 532-026.
Η εταιρία general Oil L.T.D Texaco ζητεί πωλητές. Τηλ. 832-008.
ΠΑΡΑ Βερμιον ζητείται αποθηκάριος. Τηλ. 539-230.
ΖΗΤΕΙΤΑΙ υπάλληλος. Τηλ. 918-110.
ΖΗΤΕΙΤΑΙ κυρία σε νοικοκυριό. Τηλ. 226-441.
ΠΑΡΑ της Τσάναν α.ε. ζητείται οδηγός. Τηλ. 328-830.
ΖΗΤΕΙΤΑΙ κοπέλα για καθαριότητα. Τηλ. 225-180.
ΠΑΡΑ Δερματεμπορικής εταιρίας ζητείται υπάλληλος. Τηλ. 532-181.
ΖΗΤΟΥΝΤΑΙ 2 κουκλίτσες. Τηλ. 422-262.
ΖΗΤΕΙΤΑΙ νεαρός. Τηλ. 327-611.
ΣΥΝΟΙΚΙΑΚΗ εταιρεία ζητεί συνεργάτες. Τηλ. 220-303.
ΑΠΟ Εφάλιας θερμαστής. Τηλ. 918-110.
ΔΥΝΑΜΙΚΗ εταιρεία ζητεί στελέχη. Τηλ. 544-110.
ΖΗΤΕΙΤΑΙ κυρία στα Βασιλικά. Τηλ. 415-617.
ΖΗΤΟΥΝΤΑΙ 8 ντόρες αγοριών. Τηλ. 533-171.
ΕΤΑΙΡΙΑ ζητεί διακεκριμένους. Τηλ. 525-210.
ΖΗΤΟΥΝΤΑΙ νέοι ως 30. Τηλ. 522-123.
ΕΧΟΥΜΕ πολύ εργασία για όλους. Τηλ. 238-143.
ΖΗΤΕΙΤΑΙ δεσποινίς για βιβλιοθήκη. Τηλ. 265-550.
ΝΕΑΡΟΣ χημικός. Τηλ. 523-229.
Η βιοτεχνία ζητεί ράπτριες. Τηλ. 233-111.
ΖΗΤΟΥΝΤΑΙ κορίτσια. Τηλ. 511-482.
ΖΗΤΕΙΤΑΙ γραμματέας. Τηλ. 532-026.
ΖΗΤΟΥΝΤΑΙ μάγειρες. Τηλ. 511-921.
ΖΗΤΕΙΤΑΙ νέα. Τηλ. 617-150.
ΑΠΟ το Pub Original ζητούνται. Τηλ. 832-348.
ΖΗΤΟΥΝΤΑΙ υπάλληλοι για χαρτοπωλείο «Κοντυθέμη» πεύκο, Πεντάγωνο. Τηλ. 824-718.
ΠΑΡΑ ηλεκτροθερμικής εταιρίας ζητείται ηλεκτρολόγος. Τηλ. 418-305.
ΓΑΖΩΤΡΙΕΣ και κοπτοράπτριες ζητούνται. Τηλ. 522-483.
ΖΗΤΟΥΝΤΑΙ ράφτες εργάτες. Τηλ. 532-026.
ΠΑΡΑ της «Ότρον Ελλάς» ζητούνται πωλητές. Τηλ. 529-730.
ΖΗΤΟΥΝΤΑΙ κοπτοράπτριες, βιοτεχνία γυναικείων ενδυμάτων. Τηλ. 833-955.
ΚΥΡΙΟΣ 35-40 ετών ζητείται. Τηλ. 827-105.
ΠΑΡΑ τεχνικής εταιρίας ζητείται μηχανικός. Τηλ. 650-689.
ΖΗΤΟΥΝΤΑΙ τεχνίτες ηλεκτροσυγκολλητές. Τηλ. 656-374.
ΖΗΤΕΙΤΑΙ κυρία για φροντίδα. Τηλ. 223-065.
ΠΑΡΑ της φιλοπτωχικής ζητείται οδηγός. Τηλ. 521-245.
ΖΗΤΕΙΤΑΙ οδηγός ντίζελ. Τηλ. 270-120.
ΖΗΤΕΙΤΑΙ δεσποινίς. Τηλ. 522-451.
ΖΗΤΕΙΤΑΙ δεσποινίς για κατάστημα. Τηλ. 834-352.
ΖΗΤΕΙΤΑΙ κυρία. Τηλ. 854-302.
ΠΑΡΑ εξαγωγικής εταιρίας ζητείται υπάλληλος. Τηλ. 941-065.
ΖΗΤΟΥΝΤΑΙ εργάτες. Τηλ. 861-240.
ΔΙΔΕΣ, έάν είστε δυναμικός. Τηλ. 429-517.
GROUP Manager, Schools. Τηλ. 821-345.
ΖΗΤΕΙΤΑΙ παρά βιομηχανίας. Τηλ. 702-102.
ΖΗΤΟΥΝΤΑΙ πωλητές. Τηλ. 539-143.
ΖΗΤΟΥΝΤΑΙ σερβιτόροι. Τηλ. 321-244.
ΡΑΦΤΑΔΕΣ, γαζωτρίες. Τηλ. 924-556.
ΖΗΤΟΥΝΤΑΙ ράφτες. Τηλ. 322-892.
ΖΗΤΟΥΝΤΑΙ κορίτσια. Τηλ. 822-855.
ΖΗΤΕΙΤΑΙ νέος ή νέα. Τηλ. 211-884.
ΕΡΓΑΣΙΑ για όλους. Τηλ. 101.
«ΤΕΧΝΙΚΑ-ΚΑΛΙΑΚΙ», τεχνίτες. Τηλ. 101.
ΖΗΤΟΥΝΤΑΙ νεαροί. Τηλ. 192.
ΖΗΤΕΙΤΑΙ υπάλληλος. Τηλ. 264-314.
ΖΗΤΟΥΝΤΑΙ γυναίκες. Τηλ. 733-151.
ΖΗΤΕΙΤΑΙ κοπέλα. Τηλ. 539-434.
ΖΗΤΟΥΝΤΑΙ τεχνίτες. Τηλ. 539-434.
ΖΗΤΕΙΤΑΙ νέα για εργασία. Τηλ. 0392/22-125.
ΖΕΝΤΕ νέα. Τηλ. 843-606.
ΖΗΤΟΥΝΤΑΙ γυναίκες. Τηλ. 814-833.
ΖΗΤΟΥΝΤΑΙ υπάλληλοι. Τηλ. 531-134.
ΖΗΤΟΥΝΤΑΙ κοπτοράπτριες. Τηλ. 531-134.
ΣΥΝΕΧΕΙΑ ΣΤΗΝ 11Η ΣΕΛΙΔΑ
